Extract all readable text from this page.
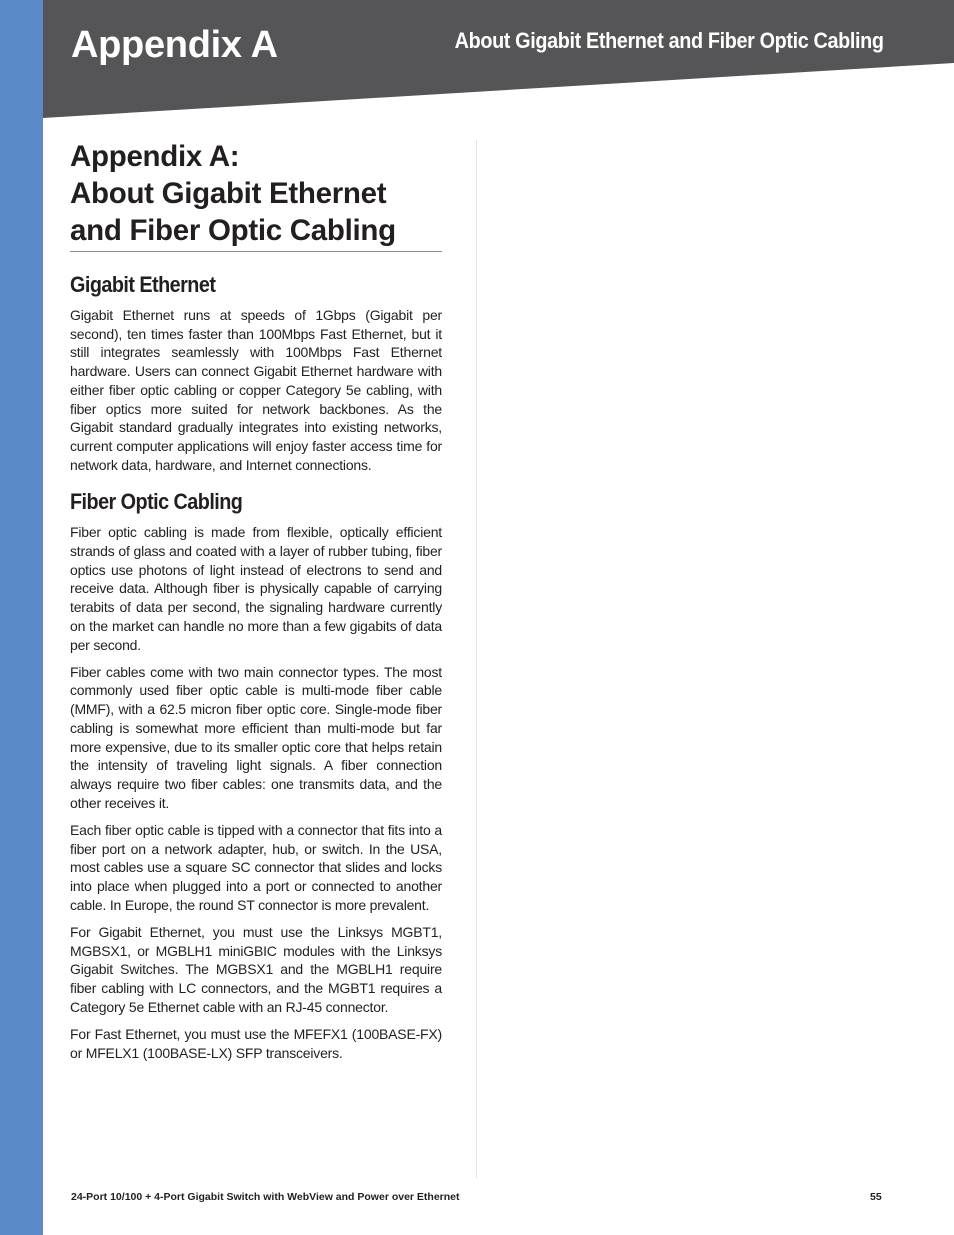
Appendix A	About Gigabit Ethernet and Fiber Optic Cabling
Appendix A:
About Gigabit Ethernet
and Fiber Optic Cabling
Gigabit Ethernet

Gigabit Ethernet runs at speeds of 1Gbps (Gigabit per second), ten times faster than 100Mbps Fast Ethernet, but it still integrates seamlessly with 100Mbps Fast Ethernet hardware. Users can connect Gigabit Ethernet hardware with either fiber optic cabling or copper Category 5e cabling, with fiber optics more suited for network backbones. As the Gigabit standard gradually integrates into existing networks, current computer applications will enjoy faster access time for network data, hardware, and Internet connections.

Fiber Optic Cabling

Fiber optic cabling is made from flexible, optically efficient strands of glass and coated with a layer of rubber tubing, fiber optics use photons of light instead of electrons to send and receive data. Although fiber is physically capable of carrying terabits of data per second, the signaling hardware currently on the market can handle no more than a few gigabits of data per second.

Fiber cables come with two main connector types. The most commonly used fiber optic cable is multi-mode fiber cable (MMF), with a 62.5 micron fiber optic core. Single-mode fiber cabling is somewhat more efficient than multi-mode but far more expensive, due to its smaller optic core that helps retain the intensity of traveling light signals. A fiber connection always require two fiber cables: one transmits data, and the other receives it.

Each fiber optic cable is tipped with a connector that fits into a fiber port on a network adapter, hub, or switch. In the USA, most cables use a square SC connector that slides and locks into place when plugged into a port or connected to another cable. In Europe, the round ST connector is more prevalent.

For Gigabit Ethernet, you must use the Linksys MGBT1, MGBSX1, or MGBLH1 miniGBIC modules with the Linksys Gigabit Switches. The MGBSX1 and the MGBLH1 require fiber cabling with LC connectors, and the MGBT1 requires a Category 5e Ethernet cable with an RJ-45 connector.

For Fast Ethernet, you must use the MFEFX1 (100BASE-FX) or MFELX1 (100BASE-LX) SFP transceivers.

24-Port 10/100 + 4-Port Gigabit Switch with WebView and Power over Ethernet	55
